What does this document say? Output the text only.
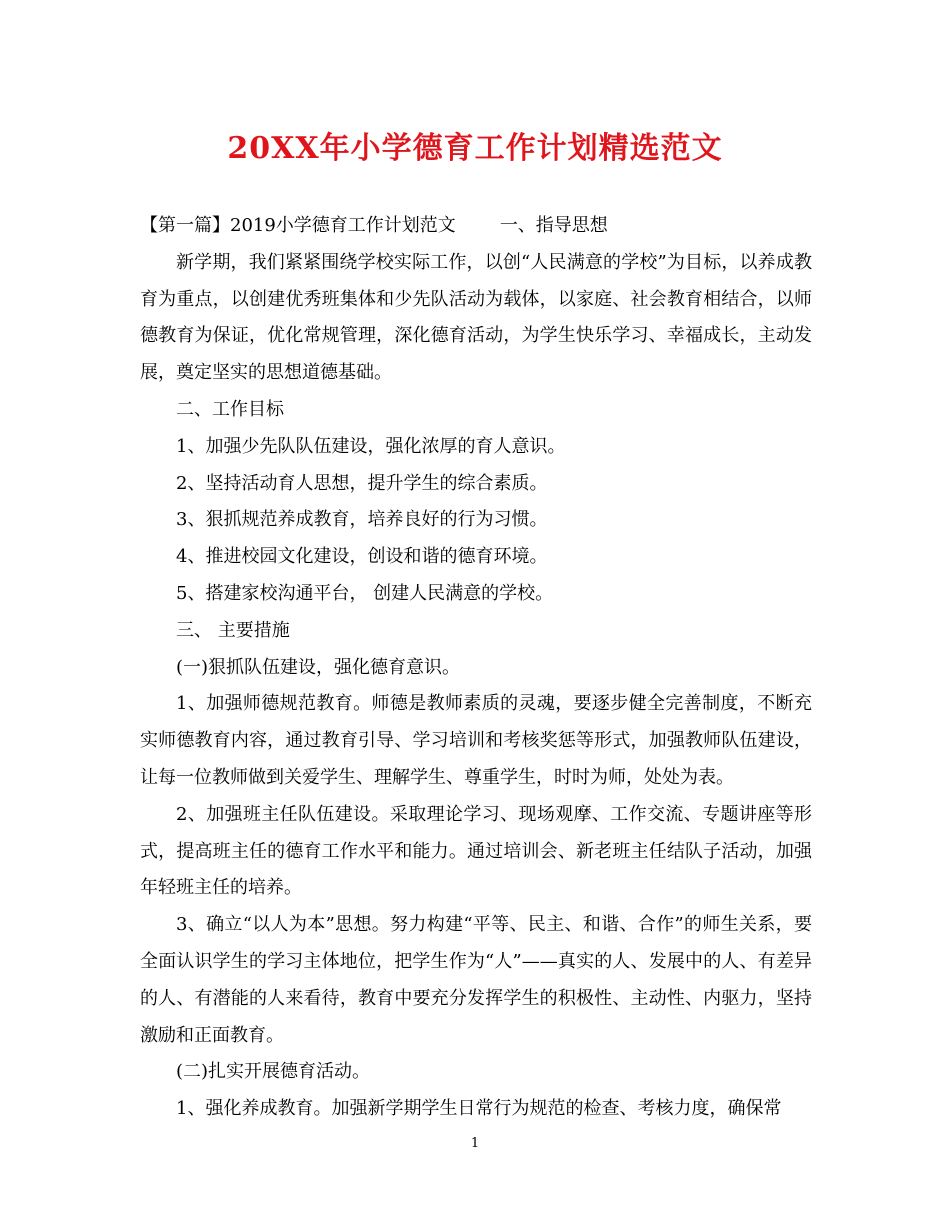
20XX年小学德育工作计划精选范文

【第一篇】2019小学德育工作计划范文 一、指导思想

新学期，我们紧紧围绕学校实际工作，以创“人民满意的学校”为目标，以养成教育为重点，以创建优秀班集体和少先队活动为载体，以家庭、社会教育相结合，以师德教育为保证，优化常规管理，深化德育活动，为学生快乐学习、幸福成长，主动发展，奠定坚实的思想道德基础。

二、工作目标

1、加强少先队队伍建设，强化浓厚的育人意识。

2、坚持活动育人思想，提升学生的综合素质。

3、狠抓规范养成教育，培养良好的行为习惯。

4、推进校园文化建设，创设和谐的德育环境。

5、搭建家校沟通平台， 创建人民满意的学校。

三、 主要措施

(一)狠抓队伍建设，强化德育意识。

1、加强师德规范教育。师德是教师素质的灵魂，要逐步健全完善制度，不断充实师德教育内容，通过教育引导、学习培训和考核奖惩等形式，加强教师队伍建设，让每一位教师做到关爱学生、理解学生、尊重学生，时时为师，处处为表。

2、加强班主任队伍建设。采取理论学习、现场观摩、工作交流、专题讲座等形式，提高班主任的德育工作水平和能力。通过培训会、新老班主任结队子活动，加强年轻班主任的培养。

3、确立“以人为本”思想。努力构建“平等、民主、和谐、合作”的师生关系，要全面认识学生的学习主体地位，把学生作为“人”——真实的人、发展中的人、有差异的人、有潜能的人来看待，教育中要充分发挥学生的积极性、主动性、内驱力，坚持激励和正面教育。

(二)扎实开展德育活动。

1、强化养成教育。加强新学期学生日常行为规范的检查、考核力度，确保常

1
